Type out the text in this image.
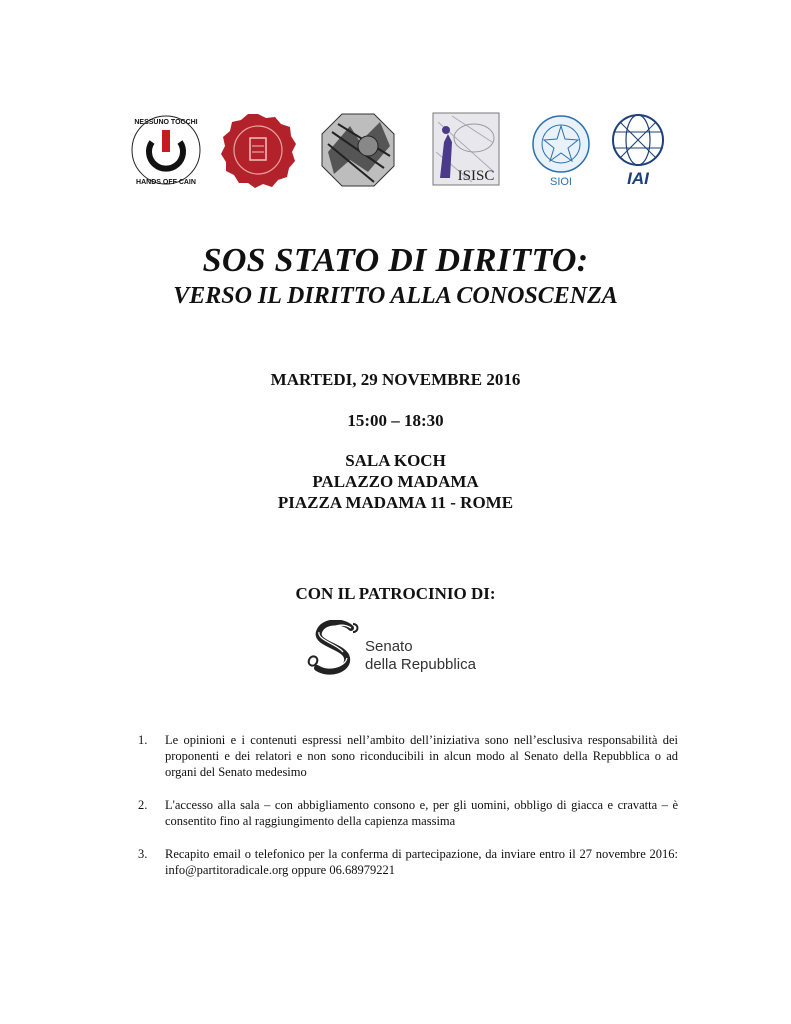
NESSUNO TOCCHI
HANDS OFF CAIN	ISISC	SIOI	IAI
SOS STATO DI DIRITTO:
VERSO IL DIRITTO ALLA CONOSCENZA
MARTEDI, 29 NOVEMBRE 2016
15:00 – 18:30
SALA KOCH
PALAZZO MADAMA
PIAZZA MADAMA 11 - ROME
CON IL PATROCINIO DI:
Senato
della Repubblica
1. Le opinioni e i contenuti espressi nell’ambito dell’iniziativa sono nell’esclusiva responsabilità dei proponenti e dei relatori e non sono riconducibili in alcun modo al Senato della Repubblica o ad organi del Senato medesimo
2. L'accesso alla sala – con abbigliamento consono e, per gli uomini, obbligo di giacca e cravatta – è consentito fino al raggiungimento della capienza massima
3. Recapito email o telefonico per la conferma di partecipazione, da inviare entro il 27 novembre 2016: info@partitoradicale.org oppure 06.68979221
